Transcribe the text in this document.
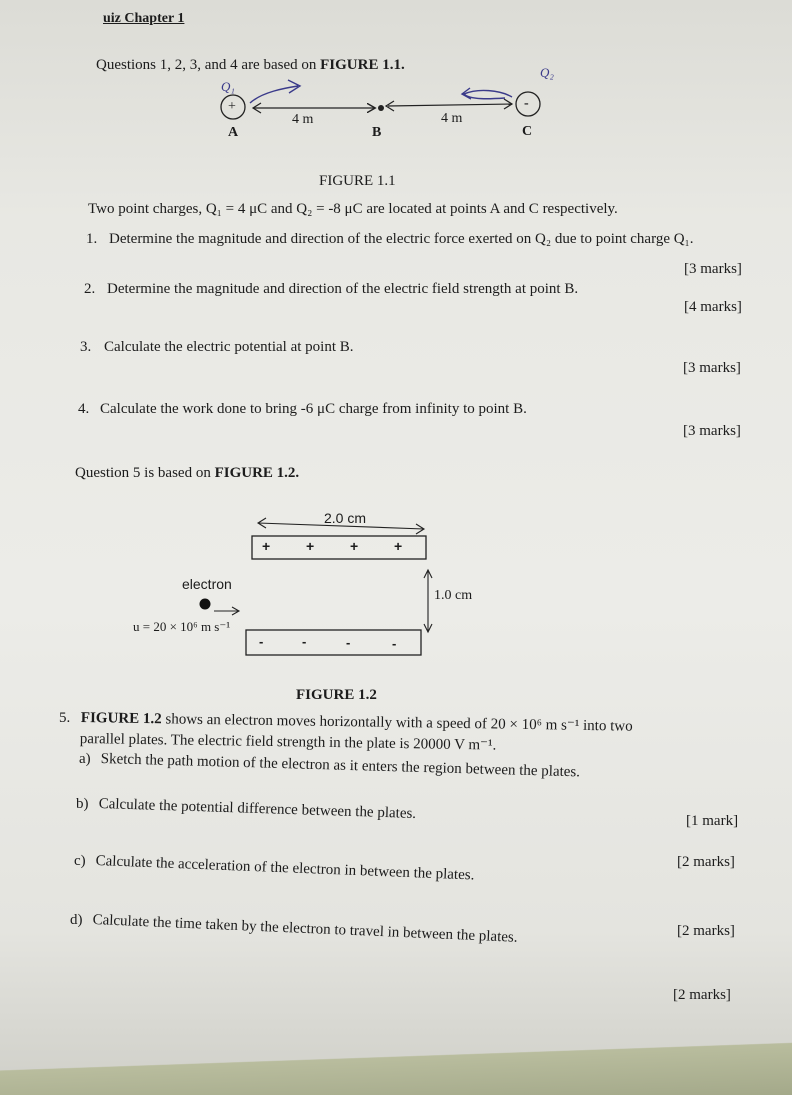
uiz Chapter 1
Questions 1, 2, 3, and 4 are based on FIGURE 1.1.
+	-
Q₁
Q₂
4 m	4 m
A	B	C
FIGURE 1.1
Two point charges, Q₁ = 4 μC and Q₂ = -8 μC are located at points A and C respectively.
1. Determine the magnitude and direction of the electric force exerted on Q₂ due to point charge Q₁.
[3 marks]
2. Determine the magnitude and direction of the electric field strength at point B.
[4 marks]
3. Calculate the electric potential at point B.
[3 marks]
4. Calculate the work done to bring -6 μC charge from infinity to point B.
[3 marks]
Question 5 is based on FIGURE 1.2.
2.0 cm
+	+	+	+
-	-	-	-
electron
u = 20 × 10⁶ m s⁻¹
1.0 cm
FIGURE 1.2
5. FIGURE 1.2 shows an electron moves horizontally with a speed of 20 × 10⁶ m s⁻¹ into two
parallel plates. The electric field strength in the plate is 20000 V m⁻¹.
a) Sketch the path motion of the electron as it enters the region between the plates.
b) Calculate the potential difference between the plates.	[1 mark]
c) Calculate the acceleration of the electron in between the plates.	[2 marks]
d) Calculate the time taken by the electron to travel in between the plates.	[2 marks]
[2 marks]
